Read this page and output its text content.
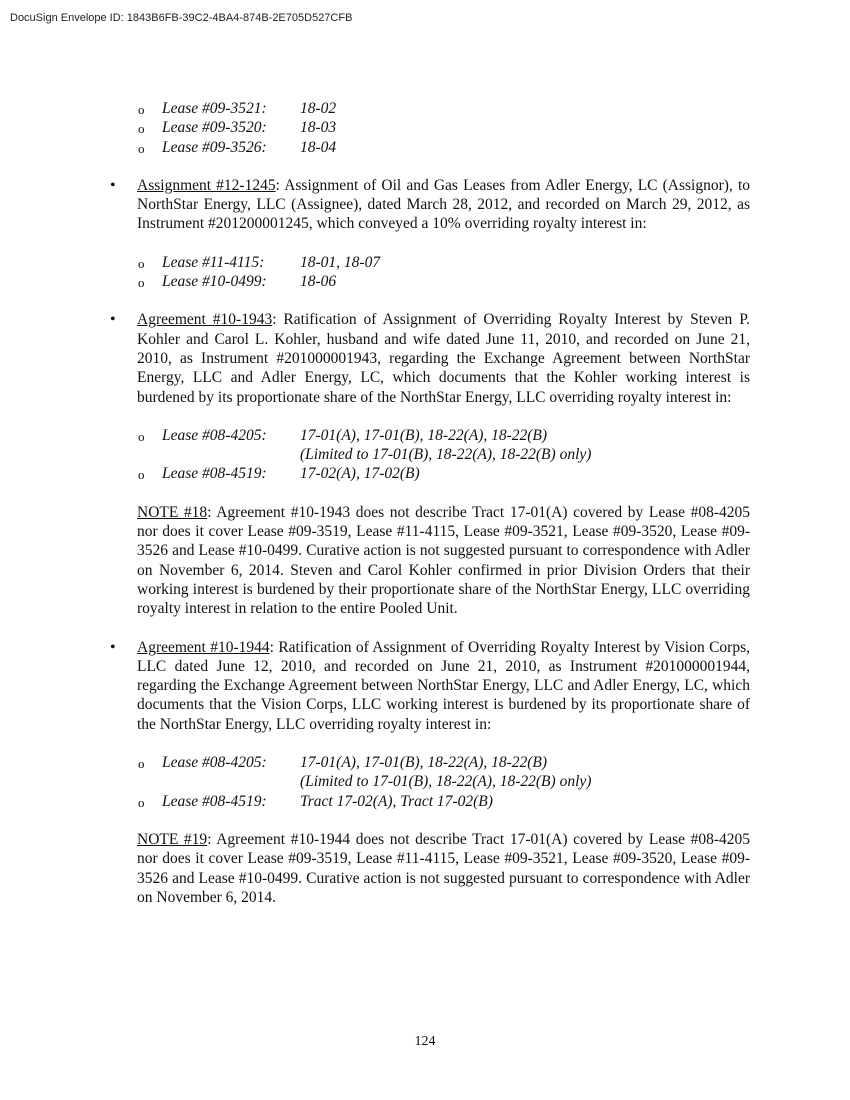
DocuSign Envelope ID: 1843B6FB-39C2-4BA4-874B-2E705D527CFB
o Lease #09-3521:	18-02
o Lease #09-3520:	18-03
o Lease #09-3526:	18-04
• Assignment #12-1245: Assignment of Oil and Gas Leases from Adler Energy, LC (Assignor), to NorthStar Energy, LLC (Assignee), dated March 28, 2012, and recorded on March 29, 2012, as Instrument #201200001245, which conveyed a 10% overriding royalty interest in:

o Lease #11-4115:	18-01, 18-07
o Lease #10-0499:	18-06
• Agreement #10-1943: Ratification of Assignment of Overriding Royalty Interest by Steven P. Kohler and Carol L. Kohler, husband and wife dated June 11, 2010, and recorded on June 21, 2010, as Instrument #201000001943, regarding the Exchange Agreement between NorthStar Energy, LLC and Adler Energy, LC, which documents that the Kohler working interest is burdened by its proportionate share of the NorthStar Energy, LLC overriding royalty interest in:

o Lease #08-4205:	17-01(A), 17-01(B), 18-22(A), 18-22(B)
(Limited to 17-01(B), 18-22(A), 18-22(B) only)
o Lease #08-4519:	17-02(A), 17-02(B)

NOTE #18: Agreement #10-1943 does not describe Tract 17-01(A) covered by Lease #08-4205 nor does it cover Lease #09-3519, Lease #11-4115, Lease #09-3521, Lease #09-3520, Lease #09-3526 and Lease #10-0499. Curative action is not suggested pursuant to correspondence with Adler on November 6, 2014. Steven and Carol Kohler confirmed in prior Division Orders that their working interest is burdened by their proportionate share of the NorthStar Energy, LLC overriding royalty interest in relation to the entire Pooled Unit.

• Agreement #10-1944: Ratification of Assignment of Overriding Royalty Interest by Vision Corps, LLC dated June 12, 2010, and recorded on June 21, 2010, as Instrument #201000001944, regarding the Exchange Agreement between NorthStar Energy, LLC and Adler Energy, LC, which documents that the Vision Corps, LLC working interest is burdened by its proportionate share of the NorthStar Energy, LLC overriding royalty interest in:

o Lease #08-4205:	17-01(A), 17-01(B), 18-22(A), 18-22(B)
(Limited to 17-01(B), 18-22(A), 18-22(B) only)
o Lease #08-4519:	Tract 17-02(A), Tract 17-02(B)

NOTE #19: Agreement #10-1944 does not describe Tract 17-01(A) covered by Lease #08-4205 nor does it cover Lease #09-3519, Lease #11-4115, Lease #09-3521, Lease #09-3520, Lease #09-3526 and Lease #10-0499. Curative action is not suggested pursuant to correspondence with Adler on November 6, 2014.

124
